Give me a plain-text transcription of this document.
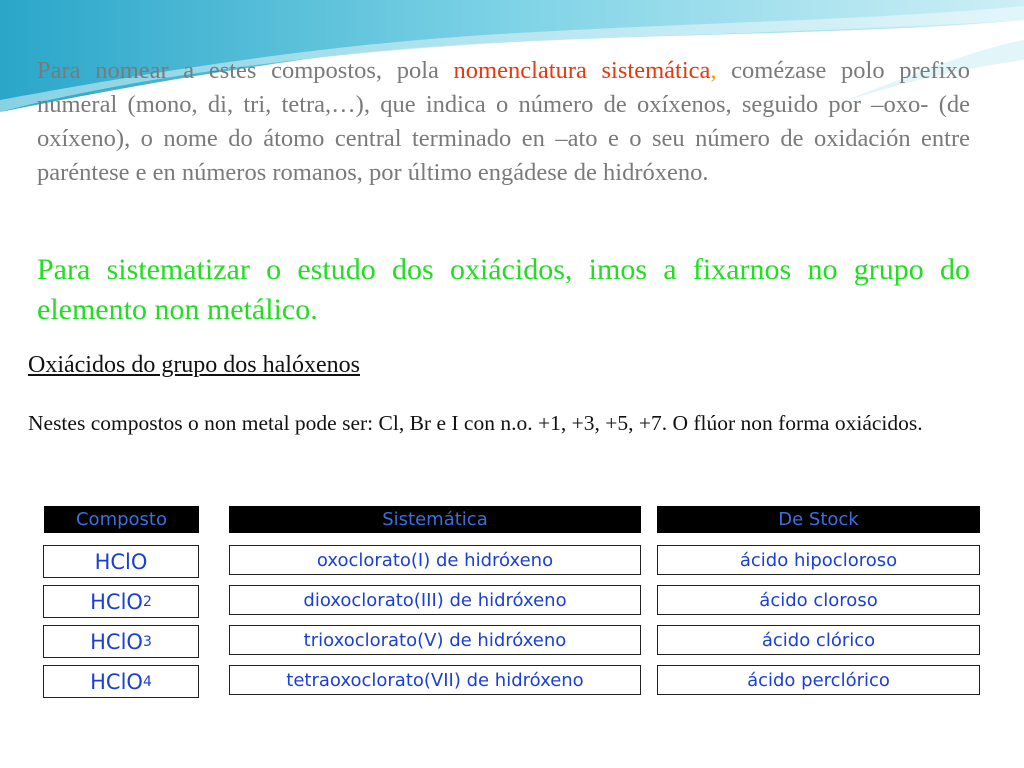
Para nomear a estes compostos, pola nomenclatura sistemática, comézase polo prefixo numeral (mono, di, tri, tetra,…), que indica o número de oxíxenos, seguido por –oxo- (de oxíxeno), o nome do átomo central terminado en –ato e o seu número de oxidación entre paréntese e en números romanos, por último engádese de hidróxeno.
Para sistematizar o estudo dos oxiácidos, imos a fixarnos no grupo do elemento non metálico.
Oxiácidos do grupo dos halóxenos
Nestes compostos o non metal pode ser: Cl, Br e I con n.o. +1, +3, +5, +7. O flúor non forma oxiácidos.
Composto	Sistemática	De Stock
HClO	oxoclorato(I) de hidróxeno	ácido hipocloroso
HClO 2	dioxoclorato(III) de hidróxeno	ácido cloroso
HClO 3	trioxoclorato(V) de hidróxeno	ácido clórico
HClO 4	tetraoxoclorato(VII) de hidróxeno	ácido perclórico
